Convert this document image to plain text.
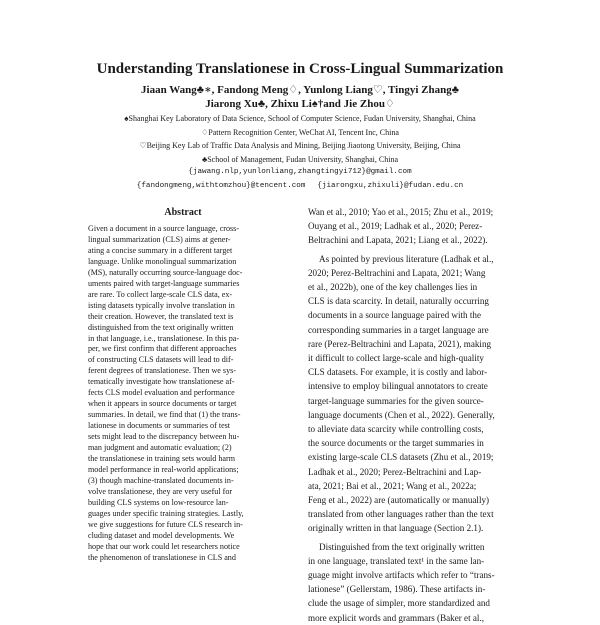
Understanding Translationese in Cross-Lingual Summarization
Jiaan Wang♣∗, Fandong Meng♢, Yunlong Liang♡, Tingyi Zhang♣
Jiarong Xu♣, Zhixu Li♠†and Jie Zhou♢
♠Shanghai Key Laboratory of Data Science, School of Computer Science, Fudan University, Shanghai, China
♢Pattern Recognition Center, WeChat AI, Tencent Inc, China
♡Beijing Key Lab of Traffic Data Analysis and Mining, Beijing Jiaotong University, Beijing, China
♣School of Management, Fudan University, Shanghai, China
{jawang.nlp,yunlonliang,zhangtingyi712}@gmail.com
{fandongmeng,withtomzhou}@tencent.com {jiarongxu,zhixuli}@fudan.edu.cn
Abstract
Given a document in a source language, cross-
lingual summarization (CLS) aims at gener-
ating a concise summary in a different target
language. Unlike monolingual summarization
(MS), naturally occurring source-language doc-
uments paired with target-language summaries
are rare. To collect large-scale CLS data, ex-
isting datasets typically involve translation in
their creation. However, the translated text is
distinguished from the text originally written
in that language, i.e., translationese. In this pa-
per, we first confirm that different approaches
of constructing CLS datasets will lead to dif-
ferent degrees of translationese. Then we sys-
tematically investigate how translationese af-
fects CLS model evaluation and performance
when it appears in source documents or target
summaries. In detail, we find that (1) the trans-
lationese in documents or summaries of test
sets might lead to the discrepancy between hu-
man judgment and automatic evaluation; (2)
the translationese in training sets would harm
model performance in real-world applications;
(3) though machine-translated documents in-
volve translationese, they are very useful for
building CLS systems on low-resource lan-
guages under specific training strategies. Lastly,
we give suggestions for future CLS research in-
cluding dataset and model developments. We
hope that our work could let researchers notice
the phenomenon of translationese in CLS and
Wan et al., 2010; Yao et al., 2015; Zhu et al., 2019;
Ouyang et al., 2019; Ladhak et al., 2020; Perez-
Beltrachini and Lapata, 2021; Liang et al., 2022).
As pointed by previous literature (Ladhak et al.,
2020; Perez-Beltrachini and Lapata, 2021; Wang
et al., 2022b), one of the key challenges lies in
CLS is data scarcity. In detail, naturally occurring
documents in a source language paired with the
corresponding summaries in a target language are
rare (Perez-Beltrachini and Lapata, 2021), making
it difficult to collect large-scale and high-quality
CLS datasets. For example, it is costly and labor-
intensive to employ bilingual annotators to create
target-language summaries for the given source-
language documents (Chen et al., 2022). Generally,
to alleviate data scarcity while controlling costs,
the source documents or the target summaries in
existing large-scale CLS datasets (Zhu et al., 2019;
Ladhak et al., 2020; Perez-Beltrachini and Lap-
ata, 2021; Bai et al., 2021; Wang et al., 2022a;
Feng et al., 2022) are (automatically or manually)
translated from other languages rather than the text
originally written in that language (Section 2.1).
Distinguished from the text originally written
in one language, translated text¹ in the same lan-
guage might involve artifacts which refer to “trans-
lationese” (Gellerstam, 1986). These artifacts in-
clude the usage of simpler, more standardized and
more explicit words and grammars (Baker et al.,
